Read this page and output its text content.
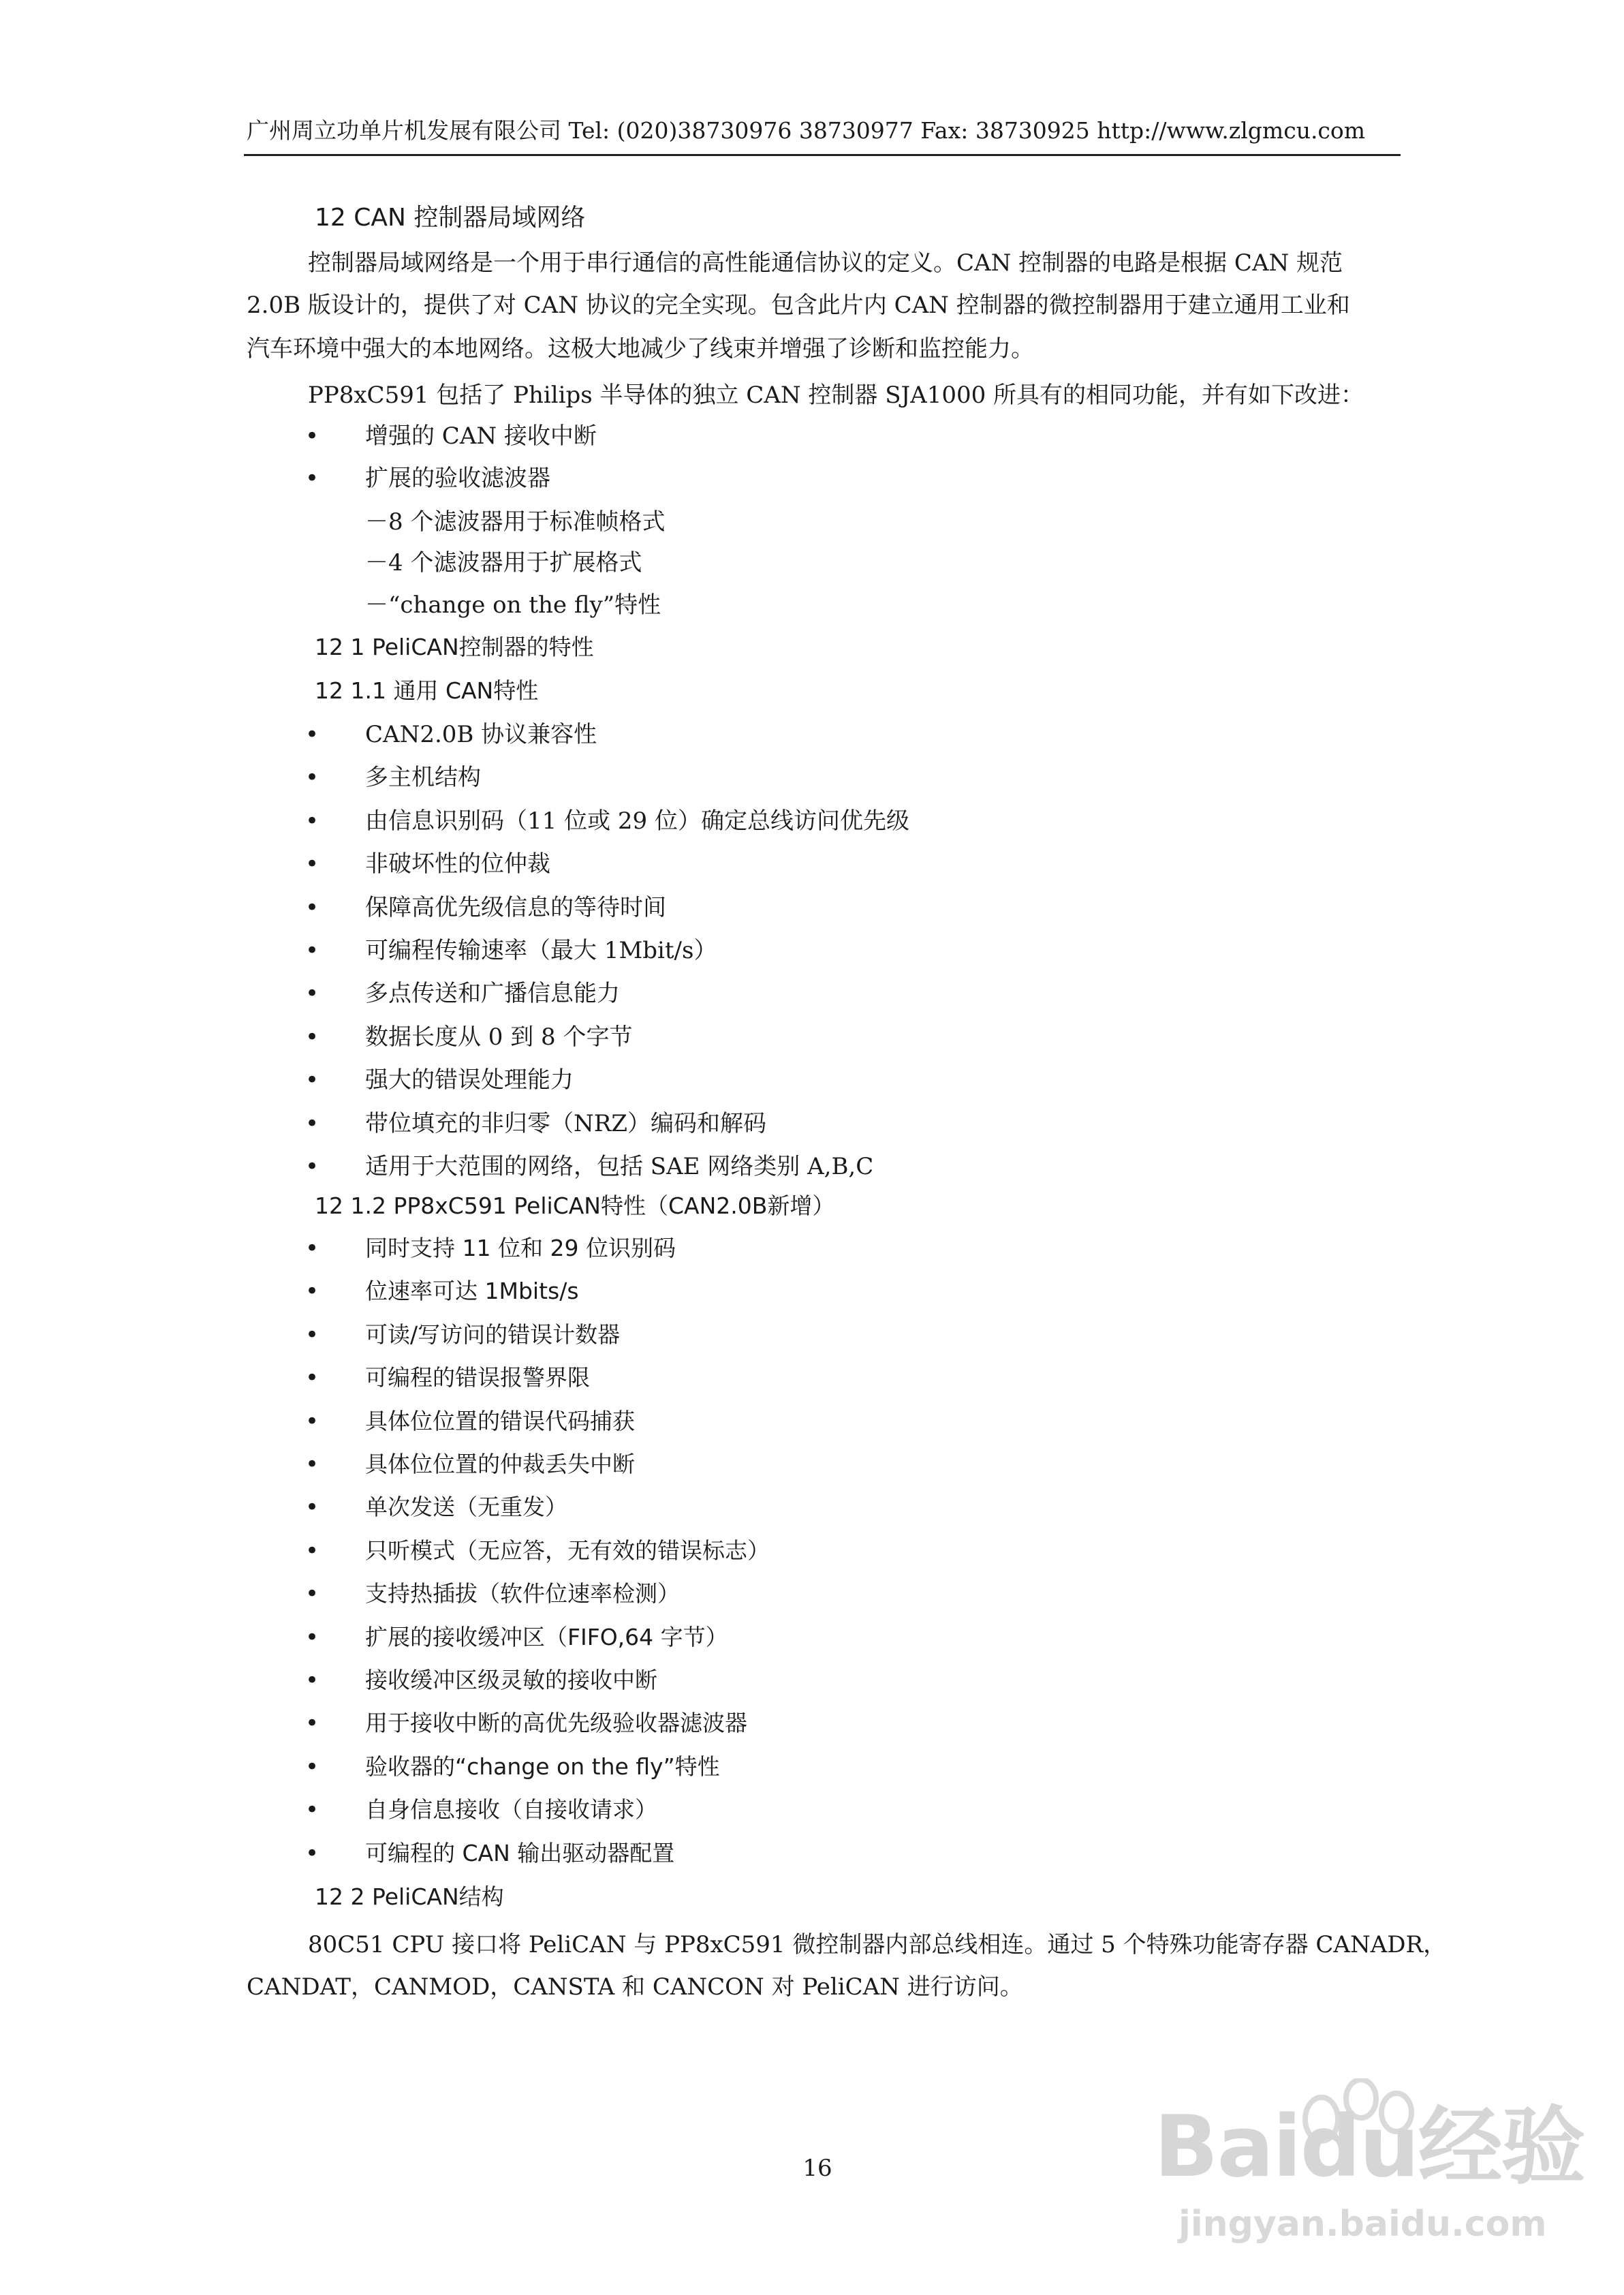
广州周立功单片机发展有限公司 Tel: (020)38730976 38730977 Fax: 38730925 http://www.zlgmcu.com
12 CAN 控制器局域网络
控制器局域网络是一个用于串行通信的高性能通信协议的定义。CAN 控制器的电路是根据 CAN 规范
2.0B 版设计的，提供了对 CAN 协议的完全实现。包含此片内 CAN 控制器的微控制器用于建立通用工业和
汽车环境中强大的本地网络。这极大地减少了线束并增强了诊断和监控能力。
PP8xC591 包括了 Philips 半导体的独立 CAN 控制器 SJA1000 所具有的相同功能，并有如下改进：
•	增强的 CAN 接收中断
•	扩展的验收滤波器
－8 个滤波器用于标准帧格式
－4 个滤波器用于扩展格式
－“change on the fly”特性
12 1 PeliCAN控制器的特性
12 1.1 通用 CAN特性
•	CAN2.0B 协议兼容性
•	多主机结构
•	由信息识别码（11 位或 29 位）确定总线访问优先级
•	非破坏性的位仲裁
•	保障高优先级信息的等待时间
•	可编程传输速率（最大 1Mbit/s）
•	多点传送和广播信息能力
•	数据长度从 0 到 8 个字节
•	强大的错误处理能力
•	带位填充的非归零（NRZ）编码和解码
•	适用于大范围的网络，包括 SAE 网络类别 A,B,C
12 1.2 PP8xC591 PeliCAN特性（CAN2.0B新增）
•	同时支持 11 位和 29 位识别码
•	位速率可达 1Mbits/s
•	可读/写访问的错误计数器
•	可编程的错误报警界限
•	具体位位置的错误代码捕获
•	具体位位置的仲裁丢失中断
•	单次发送（无重发）
•	只听模式（无应答，无有效的错误标志）
•	支持热插拔（软件位速率检测）
•	扩展的接收缓冲区（FIFO,64 字节）
•	接收缓冲区级灵敏的接收中断
•	用于接收中断的高优先级验收器滤波器
•	验收器的“change on the fly”特性
•	自身信息接收（自接收请求）
•	可编程的 CAN 输出驱动器配置
12 2 PeliCAN结构
80C51 CPU 接口将 PeliCAN 与 PP8xC591 微控制器内部总线相连。通过 5 个特殊功能寄存器 CANADR，
CANDAT，CANMOD，CANSTA 和 CANCON 对 PeliCAN 进行访问。
16	Baidu经验
jingyan.baidu.com
